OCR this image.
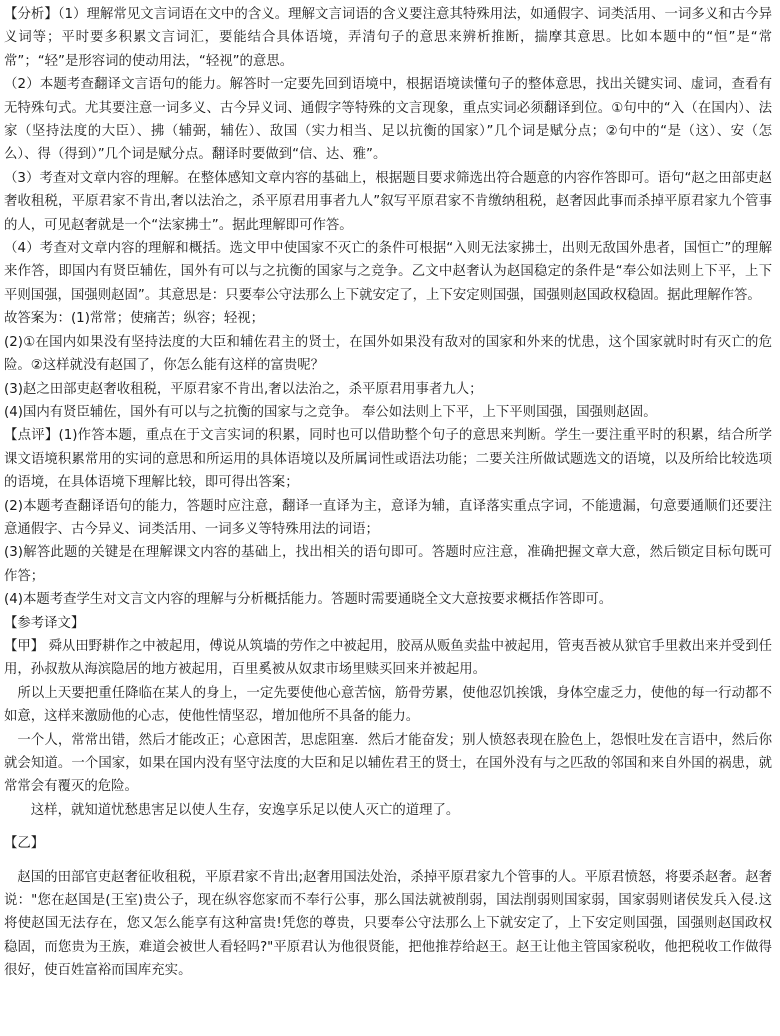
【分析】（1）理解常见文言词语在文中的含义。理解文言词语的含义要注意其特殊用法，如通假字、词类活用、一词多义和古今异义词等；平时要多积累文言词汇，要能结合具体语境，弄清句子的意思来辨析推断，揣摩其意思。比如本题中的“恒”是“常常”；“轻”是形容词的使动用法，“轻视”的意思。

（2）本题考查翻译文言语句的能力。解答时一定要先回到语境中，根据语境读懂句子的整体意思，找出关键实词、虚词，查看有无特殊句式。尤其要注意一词多义、古今异义词、通假字等特殊的文言现象，重点实词必须翻译到位。①句中的“入（在国内）、法家（坚持法度的大臣）、拂（辅弼，辅佐）、敌国（实力相当、足以抗衡的国家）”几个词是赋分点；②句中的“是（这）、安（怎么）、得（得到）”几个词是赋分点。翻译时要做到“信、达、雅”。

（3）考查对文章内容的理解。在整体感知文章内容的基础上，根据题目要求筛选出符合题意的内容作答即可。语句“赵之田部吏赵奢收租税，平原君家不肯出,奢以法治之，杀平原君用事者九人”叙写平原君家不肯缴纳租税，赵奢因此事而杀掉平原君家九个管事的人，可见赵奢就是一个“法家拂士”。据此理解即可作答。

（4）考查对文章内容的理解和概括。选文甲中使国家不灭亡的条件可根据“入则无法家拂士，出则无敌国外患者，国恒亡”的理解来作答，即国内有贤臣辅佐，国外有可以与之抗衡的国家与之竞争。乙文中赵奢认为赵国稳定的条件是“奉公如法则上下平，上下平则国强，国强则赵固”。其意思是：只要奉公守法那么上下就安定了，上下安定则国强，国强则赵国政权稳固。据此理解作答。

故答案为：(1)常常；使痛苦；纵容；轻视；

(2)①在国内如果没有坚持法度的大臣和辅佐君主的贤士，在国外如果没有敌对的国家和外来的忧患，这个国家就时时有灭亡的危险。②这样就没有赵国了，你怎么能有这样的富贵呢？

(3)赵之田部吏赵奢收租税，平原君家不肯出,奢以法治之，杀平原君用事者九人；

(4)国内有贤臣辅佐，国外有可以与之抗衡的国家与之竞争。 奉公如法则上下平，上下平则国强，国强则赵固。

【点评】(1)作答本题，重点在于文言实词的积累，同时也可以借助整个句子的意思来判断。学生一要注重平时的积累，结合所学课文语境积累常用的实词的意思和所运用的具体语境以及所属词性或语法功能；二要关注所做试题选文的语境，以及所给比较选项的语境，在具体语境下理解比较，即可得出答案；

(2)本题考查翻译语句的能力，答题时应注意，翻译一直译为主，意译为辅，直译落实重点字词，不能遗漏，句意要通顺们还要注意通假字、古今异义、词类活用、一词多义等特殊用法的词语；

(3)解答此题的关键是在理解课文内容的基础上，找出相关的语句即可。答题时应注意，准确把握文章大意，然后锁定目标句既可作答；

(4)本题考查学生对文言文内容的理解与分析概括能力。答题时需要通晓全文大意按要求概括作答即可。

【参考译文】

【甲】 舜从田野耕作之中被起用，傅说从筑墙的劳作之中被起用，胶鬲从贩鱼卖盐中被起用，管夷吾被从狱官手里救出来并受到任用，孙叔敖从海滨隐居的地方被起用，百里奚被从奴隶市场里赎买回来并被起用。

所以上天要把重任降临在某人的身上，一定先要使他心意苦恼，筋骨劳累，使他忍饥挨饿，身体空虚乏力，使他的每一行动都不如意，这样来激励他的心志，使他性情坚忍，增加他所不具备的能力。

一个人，常常出错，然后才能改正；心意困苦，思虑阻塞．然后才能奋发；别人愤怒表现在脸色上，怨恨吐发在言语中，然后你就会知道。一个国家，如果在国内没有坚守法度的大臣和足以辅佐君王的贤士，在国外没有与之匹敌的邻国和来自外国的祸患，就常常会有覆灭的危险。

这样，就知道忧愁患害足以使人生存，安逸享乐足以使人灭亡的道理了。

【乙】

赵国的田部官吏赵奢征收租税，平原君家不肯出;赵奢用国法处治，杀掉平原君家九个管事的人。平原君愤怒，将要杀赵奢。赵奢说："您在赵国是(王室)贵公子，现在纵容您家而不奉行公事，那么国法就被削弱，国法削弱则国家弱，国家弱则诸侯发兵入侵.这将使赵国无法存在，您又怎么能享有这种富贵!凭您的尊贵，只要奉公守法那么上下就安定了，上下安定则国强，国强则赵国政权稳固，而您贵为王族，难道会被世人看轻吗?"平原君认为他很贤能，把他推荐给赵王。赵王让他主管国家税收，他把税收工作做得很好，使百姓富裕而国库充实。
